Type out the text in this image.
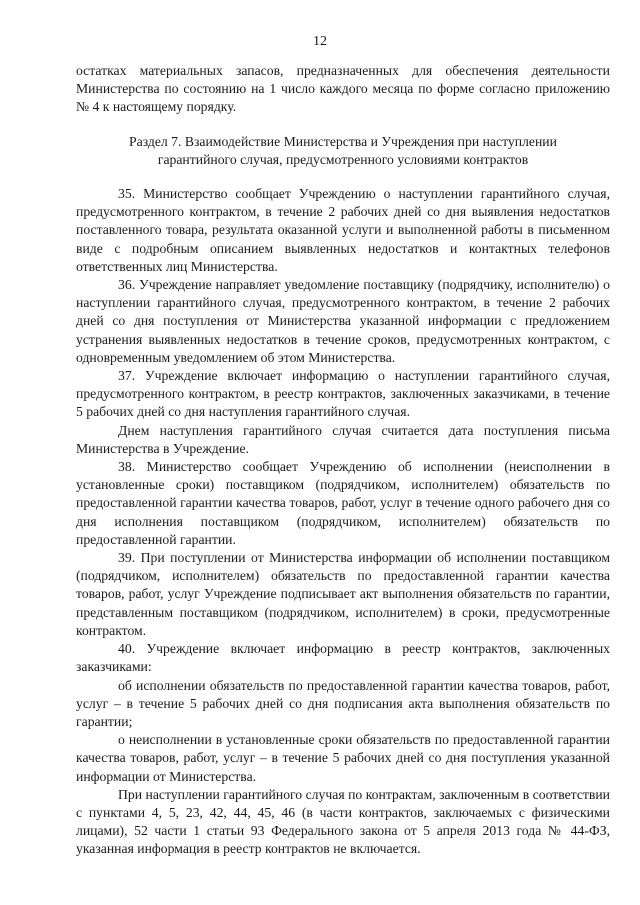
12

остатках материальных запасов, предназначенных для обеспечения деятельности Министерства по состоянию на 1 число каждого месяца по форме согласно приложению № 4 к настоящему порядку.

Раздел 7. Взаимодействие Министерства и Учреждения при наступлении
гарантийного случая, предусмотренного условиями контрактов

35. Министерство сообщает Учреждению о наступлении гарантийного случая, предусмотренного контрактом, в течение 2 рабочих дней со дня выявления недостатков поставленного товара, результата оказанной услуги и выполненной работы в письменном виде с подробным описанием выявленных недостатков и контактных телефонов ответственных лиц Министерства.

36. Учреждение направляет уведомление поставщику (подрядчику, исполнителю) о наступлении гарантийного случая, предусмотренного контрактом, в течение 2 рабочих дней со дня поступления от Министерства указанной информации с предложением устранения выявленных недостатков в течение сроков, предусмотренных контрактом, с одновременным уведомлением об этом Министерства.

37. Учреждение включает информацию о наступлении гарантийного случая, предусмотренного контрактом, в реестр контрактов, заключенных заказчиками, в течение 5 рабочих дней со дня наступления гарантийного случая.

Днем наступления гарантийного случая считается дата поступления письма Министерства в Учреждение.

38. Министерство сообщает Учреждению об исполнении (неисполнении в установленные сроки) поставщиком (подрядчиком, исполнителем) обязательств по предоставленной гарантии качества товаров, работ, услуг в течение одного рабочего дня со дня исполнения поставщиком (подрядчиком, исполнителем) обязательств по предоставленной гарантии.

39. При поступлении от Министерства информации об исполнении поставщиком (подрядчиком, исполнителем) обязательств по предоставленной гарантии качества товаров, работ, услуг Учреждение подписывает акт выполнения обязательств по гарантии, представленным поставщиком (подрядчиком, исполнителем) в сроки, предусмотренные контрактом.

40. Учреждение включает информацию в реестр контрактов, заключенных заказчиками:

об исполнении обязательств по предоставленной гарантии качества товаров, работ, услуг – в течение 5 рабочих дней со дня подписания акта выполнения обязательств по гарантии;

о неисполнении в установленные сроки обязательств по предоставленной гарантии качества товаров, работ, услуг – в течение 5 рабочих дней со дня поступления указанной информации от Министерства.

При наступлении гарантийного случая по контрактам, заключенным в соответствии с пунктами 4, 5, 23, 42, 44, 45, 46 (в части контрактов, заключаемых с физическими лицами), 52 части 1 статьи 93 Федерального закона от 5 апреля 2013 года № 44-ФЗ, указанная информация в реестр контрактов не включается.
